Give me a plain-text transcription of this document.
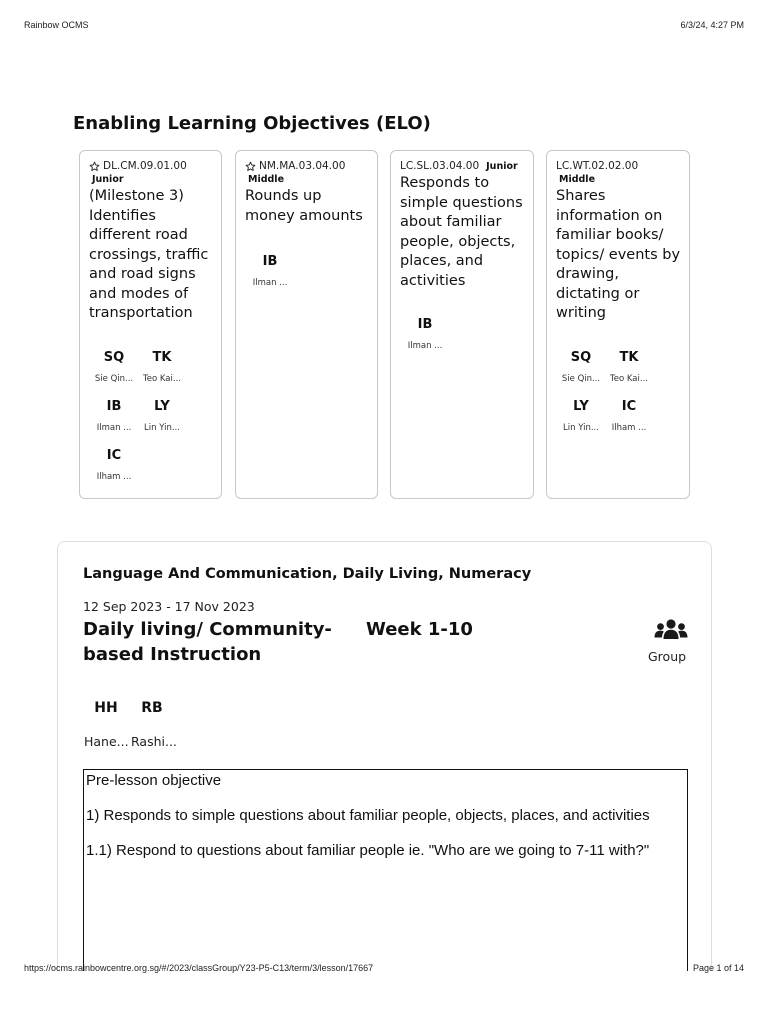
Rainbow OCMS	6/3/24, 4:27 PM
Enabling Learning Objectives (ELO)
DL.CM.09.01.00
Junior
(Milestone 3) Identifies different road crossings, traffic and road signs and modes of transportation
SQ
Sie Qin...
TK
Teo Kai...
IB
Ilman ...
LY
Lin Yin...
IC
Ilham ...
NM.MA.03.04.00
Middle
Rounds up money amounts
IB
Ilman ...
LC.SL.03.04.00 Junior
Responds to simple questions about familiar people, objects, places, and activities
IB
Ilman ...
LC.WT.02.02.00
Middle
Shares information on familiar books/ topics/ events by drawing, dictating or writing
SQ
Sie Qin...
TK
Teo Kai...
LY
Lin Yin...
IC
Ilham ...
Language And Communication, Daily Living, Numeracy
12 Sep 2023 - 17 Nov 2023
Daily living/ Community-based Instruction
Week 1-10
Group
HH
Hane...
RB
Rashi...

Pre-lesson objective

1) Responds to simple questions about familiar people, objects, places, and activities

1.1) Respond to questions about familiar people ie. "Who are we going to 7-11 with?"

https://ocms.rainbowcentre.org.sg/#/2023/classGroup/Y23-P5-C13/term/3/lesson/17667	Page 1 of 14
